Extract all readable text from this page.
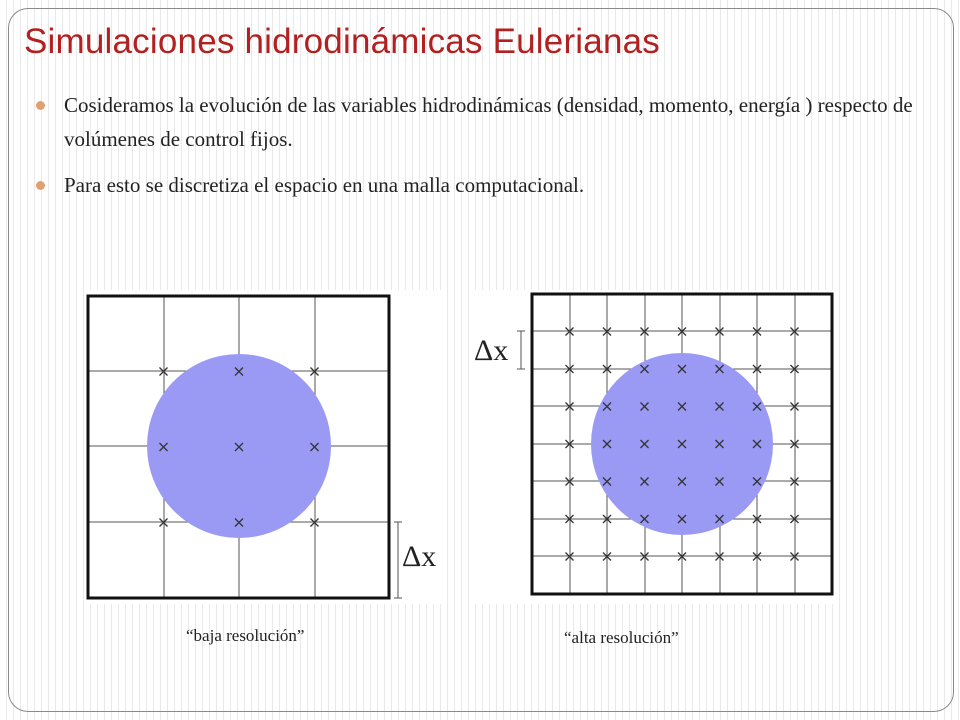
Simulaciones hidrodinámicas Eulerianas
Cosideramos la evolución de las variables hidrodinámicas (densidad, momento, energía ) respecto de volúmenes de control fijos.
Para esto se discretiza el espacio en una malla computacional.
Δx
Δx
“baja resolución”	“alta resolución”
